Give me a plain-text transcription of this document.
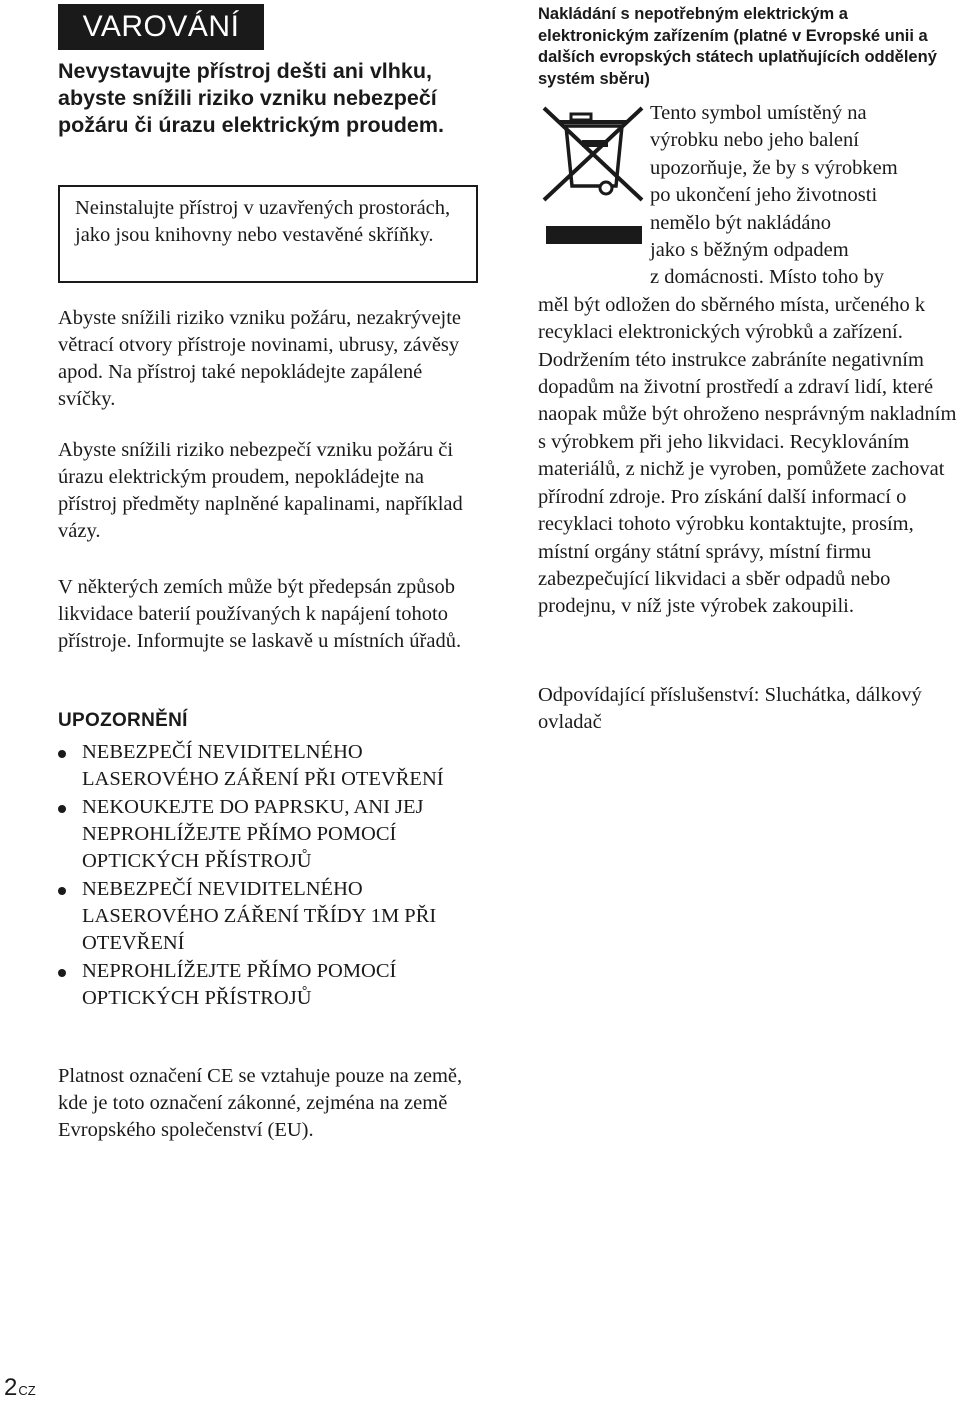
VAROVÁNÍ
Nevystavujte přístroj dešti ani vlhku, abyste snížili riziko vzniku nebezpečí požáru či úrazu elektrickým proudem.
Neinstalujte přístroj v uzavřených prostorách, jako jsou knihovny nebo vestavěné skříňky.
Abyste snížili riziko vzniku požáru, nezakrývejte větrací otvory přístroje novinami, ubrusy, závěsy apod. Na přístroj také nepokládejte zapálené svíčky.
Abyste snížili riziko nebezpečí vzniku požáru či úrazu elektrickým proudem, nepokládejte na přístroj předměty naplněné kapalinami, například vázy.
V některých zemích může být předepsán způsob likvidace baterií používaných k napájení tohoto přístroje. Informujte se laskavě u místních úřadů.
UPOZORNĚNÍ
NEBEZPEČÍ NEVIDITELNÉHO LASEROVÉHO ZÁŘENÍ PŘI OTEVŘENÍ
NEKOUKEJTE DO PAPRSKU, ANI JEJ NEPROHLÍŽEJTE PŘÍMO POMOCÍ OPTICKÝCH PŘÍSTROJŮ
NEBEZPEČÍ NEVIDITELNÉHO LASEROVÉHO ZÁŘENÍ TŘÍDY 1M PŘI OTEVŘENÍ
NEPROHLÍŽEJTE PŘÍMO POMOCÍ OPTICKÝCH PŘÍSTROJŮ
Platnost označení CE se vztahuje pouze na země, kde je toto označení zákonné, zejména na země Evropského společenství (EU).
Nakládání s nepotřebným elektrickým a elektronickým zařízením (platné v Evropské unii a dalších evropských státech uplatňujících oddělený systém sběru)
Tento symbol umístěný na
výrobku nebo jeho balení
upozorňuje, že by s výrobkem
po ukončení jeho životnosti
nemělo být nakládáno
jako s běžným odpadem
z domácnosti. Místo toho by
měl být odložen do sběrného místa, určeného k recyklaci elektronických výrobků a zařízení. Dodržením této instrukce zabráníte negativním dopadům na životní prostředí a zdraví lidí, které naopak může být ohroženo nesprávným nakladním s výrobkem při jeho likvidaci. Recyklováním materiálů, z nichž je vyroben, pomůžete zachovat přírodní zdroje. Pro získání další informací o recyklaci tohoto výrobku kontaktujte, prosím, místní orgány státní správy, místní firmu zabezpečující likvidaci a sběr odpadů nebo prodejnu, v níž jste výrobek zakoupili.
Odpovídající příslušenství: Sluchátka, dálkový ovladač
2CZ
